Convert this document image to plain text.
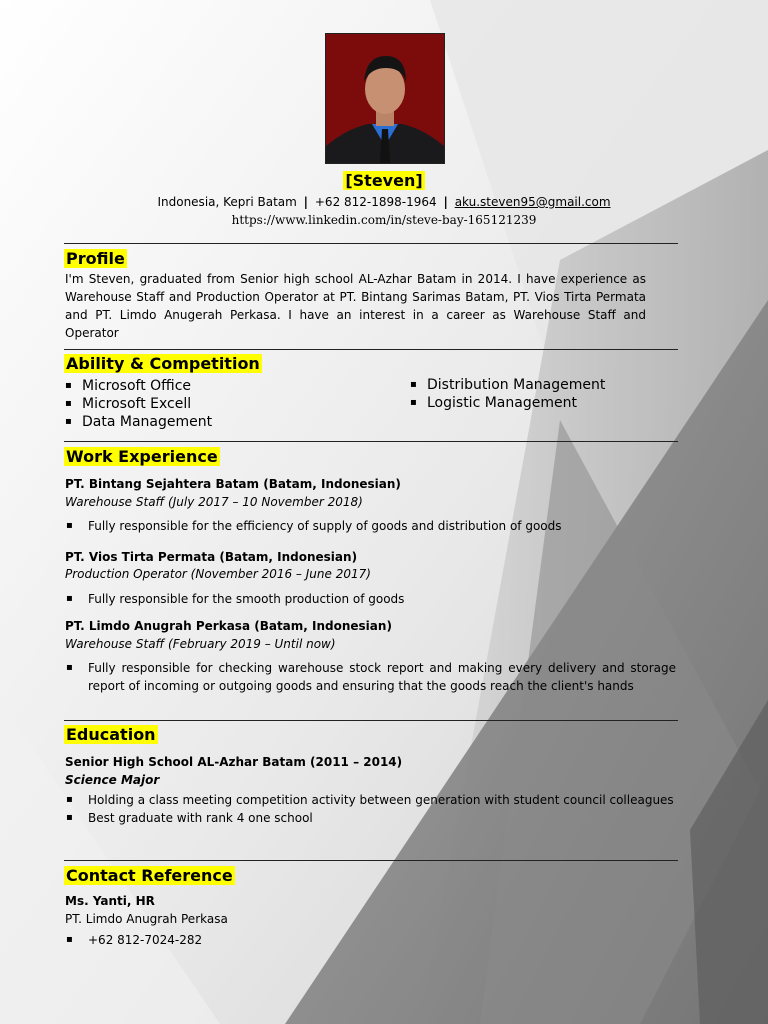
[Steven]
Indonesia, Kepri Batam | +62 812-1898-1964 | aku.steven95@gmail.com
https://www.linkedin.com/in/steve-bay-165121239
Profile
I'm Steven, graduated from Senior high school AL-Azhar Batam in 2014. I have experience as Warehouse Staff and Production Operator at PT. Bintang Sarimas Batam, PT. Vios Tirta Permata and PT. Limdo Anugerah Perkasa. I have an interest in a career as Warehouse Staff and Operator
Ability & Competition
▪ Microsoft Office
▪ Microsoft Excell
▪ Data Management
▪ Distribution Management
▪ Logistic Management
Work Experience
PT. Bintang Sejahtera Batam (Batam, Indonesian)
Warehouse Staff (July 2017 – 10 November 2018)
▪ Fully responsible for the efficiency of supply of goods and distribution of goods
PT. Vios Tirta Permata (Batam, Indonesian)
Production Operator (November 2016 – June 2017)
▪ Fully responsible for the smooth production of goods
PT. Limdo Anugrah Perkasa (Batam, Indonesian)
Warehouse Staff (February 2019 – Until now)
▪ Fully responsible for checking warehouse stock report and making every delivery and storage report of incoming or outgoing goods and ensuring that the goods reach the client's hands
Education
Senior High School AL-Azhar Batam (2011 – 2014)
Science Major
▪ Holding a class meeting competition activity between generation with student council colleagues
▪ Best graduate with rank 4 one school
Contact Reference
Ms. Yanti, HR
PT. Limdo Anugrah Perkasa
▪ +62 812-7024-282
